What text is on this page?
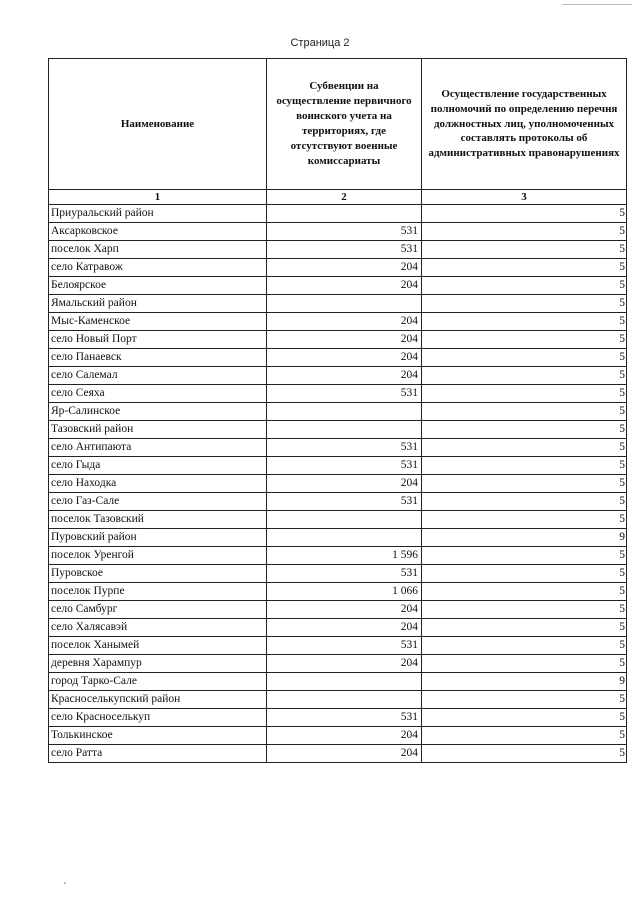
Страница 2
Наименование	Субвенции на осуществление первичного воинского учета на территориях, где отсутствуют военные комиссариаты	Осуществление государственных полномочий по определению перечня должностных лиц, уполномоченных составлять протоколы об административных правонарушениях
1	2	3
Приуральский район		5
Аксарковское	531	5
поселок Харп	531	5
село Катравож	204	5
Белоярское	204	5
Ямальский район		5
Мыс-Каменское	204	5
село Новый Порт	204	5
село Панаевск	204	5
село Салемал	204	5
село Сеяха	531	5
Яр-Салинское		5
Тазовский район		5
село Антипаюта	531	5
село Гыда	531	5
село Находка	204	5
село Газ-Сале	531	5
поселок Тазовский		5
Пуровский район		9
поселок Уренгой	1 596	5
Пуровское	531	5
поселок Пурпе	1 066	5
село Самбург	204	5
село Халясавэй	204	5
поселок Ханымей	531	5
деревня Харампур	204	5
город Тарко-Сале		9
Красноселькупский район		5
село Красноселькуп	531	5
Толькинское	204	5
село Ратта	204	5
